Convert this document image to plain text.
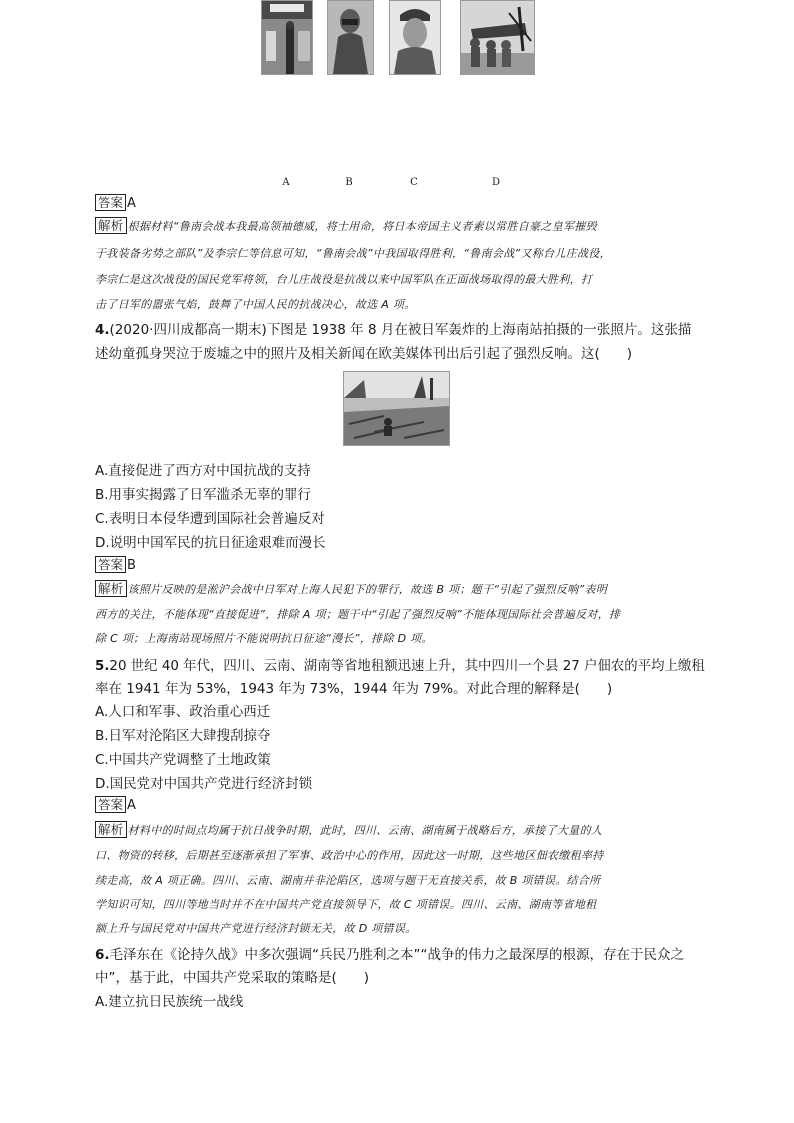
A	B	C	D
答案 A
解析 根据材料“鲁南会战本我最高领袖德威，将士用命，将日本帝国主义者素以常胜自豪之皇军摧毁
于我装备劣势之部队”及李宗仁等信息可知，“鲁南会战”中我国取得胜利，“鲁南会战”又称台儿庄战役，
李宗仁是这次战役的国民党军将领，台儿庄战役是抗战以来中国军队在正面战场取得的最大胜利，打
击了日军的嚣张气焰，鼓舞了中国人民的抗战决心，故选 A 项。
4.(2020·四川成都高一期末)下图是 1938 年 8 月在被日军轰炸的上海南站拍摄的一张照片。这张描
述幼童孤身哭泣于废墟之中的照片及相关新闻在欧美媒体刊出后引起了强烈反响。这(　　)
A.直接促进了西方对中国抗战的支持
B.用事实揭露了日军滥杀无辜的罪行
C.表明日本侵华遭到国际社会普遍反对
D.说明中国军民的抗日征途艰难而漫长
答案 B
解析 该照片反映的是淞沪会战中日军对上海人民犯下的罪行，故选 B 项；题干“引起了强烈反响”表明
西方的关注，不能体现“直接促进”，排除 A 项；题干中“引起了强烈反响”不能体现国际社会普遍反对，排
除 C 项；上海南站现场照片不能说明抗日征途“漫长”，排除 D 项。
5.20 世纪 40 年代，四川、云南、湖南等省地租额迅速上升，其中四川一个县 27 户佃农的平均上缴租
率在 1941 年为 53%，1943 年为 73%，1944 年为 79%。对此合理的解释是(　　)
A.人口和军事、政治重心西迁
B.日军对沦陷区大肆搜刮掠夺
C.中国共产党调整了土地政策
D.国民党对中国共产党进行经济封锁
答案 A
解析 材料中的时间点均属于抗日战争时期，此时，四川、云南、湖南属于战略后方，承接了大量的人
口、物资的转移，后期甚至逐渐承担了军事、政治中心的作用，因此这一时期，这些地区佃农缴租率持
续走高，故 A 项正确。四川、云南、湖南并非沦陷区，选项与题干无直接关系，故 B 项错误。结合所
学知识可知，四川等地当时并不在中国共产党直接领导下，故 C 项错误。四川、云南、湖南等省地租
额上升与国民党对中国共产党进行经济封锁无关，故 D 项错误。
6.毛泽东在《论持久战》中多次强调“兵民乃胜利之本”“战争的伟力之最深厚的根源，存在于民众之
中”，基于此，中国共产党采取的策略是(　　)
A.建立抗日民族统一战线
